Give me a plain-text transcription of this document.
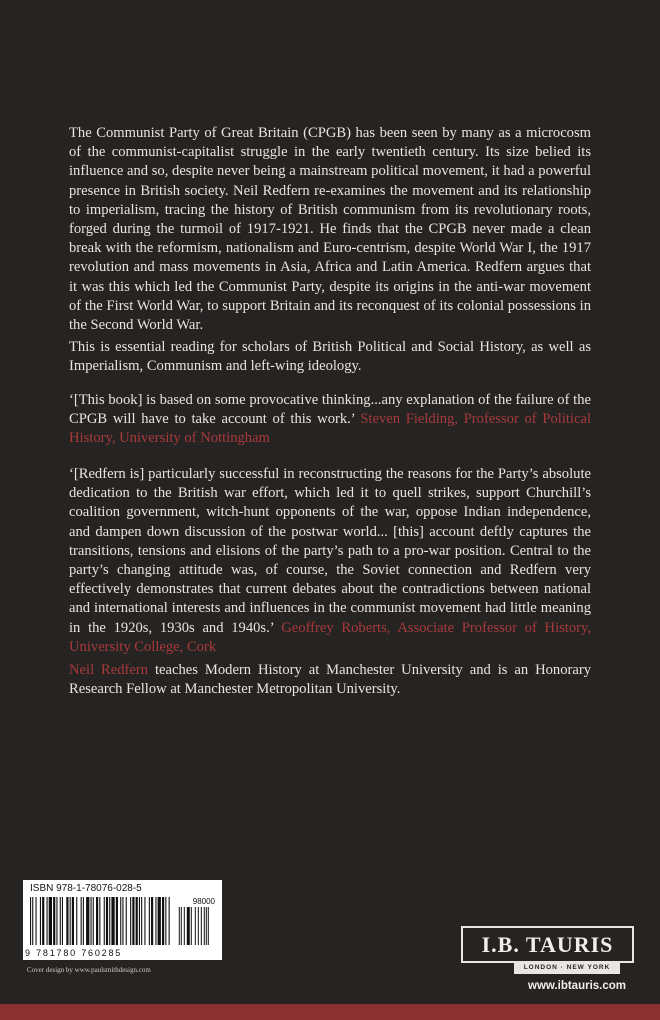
The Communist Party of Great Britain (CPGB) has been seen by many as a microcosm of the communist-capitalist struggle in the early twentieth century. Its size belied its influence and so, despite never being a mainstream political movement, it had a powerful presence in British society. Neil Redfern re-examines the movement and its relationship to imperialism, tracing the history of British communism from its revolutionary roots, forged during the turmoil of 1917-1921. He finds that the CPGB never made a clean break with the reformism, nationalism and Euro-centrism, despite World War I, the 1917 revolution and mass movements in Asia, Africa and Latin America. Redfern argues that it was this which led the Communist Party, despite its origins in the anti-war movement of the First World War, to support Britain and its reconquest of its colonial possessions in the Second World War.

This is essential reading for scholars of British Political and Social History, as well as Imperialism, Communism and left-wing ideology.

‘[This book] is based on some provocative thinking...any explanation of the failure of the CPGB will have to take account of this work.’ Steven Fielding, Professor of Political History, University of Nottingham

‘[Redfern is] particularly successful in reconstructing the reasons for the Party’s absolute dedication to the British war effort, which led it to quell strikes, support Churchill’s coalition government, witch-hunt opponents of the war, oppose Indian independence, and dampen down discussion of the postwar world... [this] account deftly captures the transitions, tensions and elisions of the party’s path to a pro-war position. Central to the party’s changing attitude was, of course, the Soviet connection and Redfern very effectively demonstrates that current debates about the contradictions between national and international interests and influences in the communist movement had little meaning in the 1920s, 1930s and 1940s.’ Geoffrey Roberts, Associate Professor of History, University College, Cork

Neil Redfern teaches Modern History at Manchester University and is an Honorary Research Fellow at Manchester Metropolitan University.

ISBN 978-1-78076-028-5
98000
9 781780 760285
Cover design by www.paulsmithdesign.com
I.B. TAURIS
LONDON · NEW YORK
www.ibtauris.com
